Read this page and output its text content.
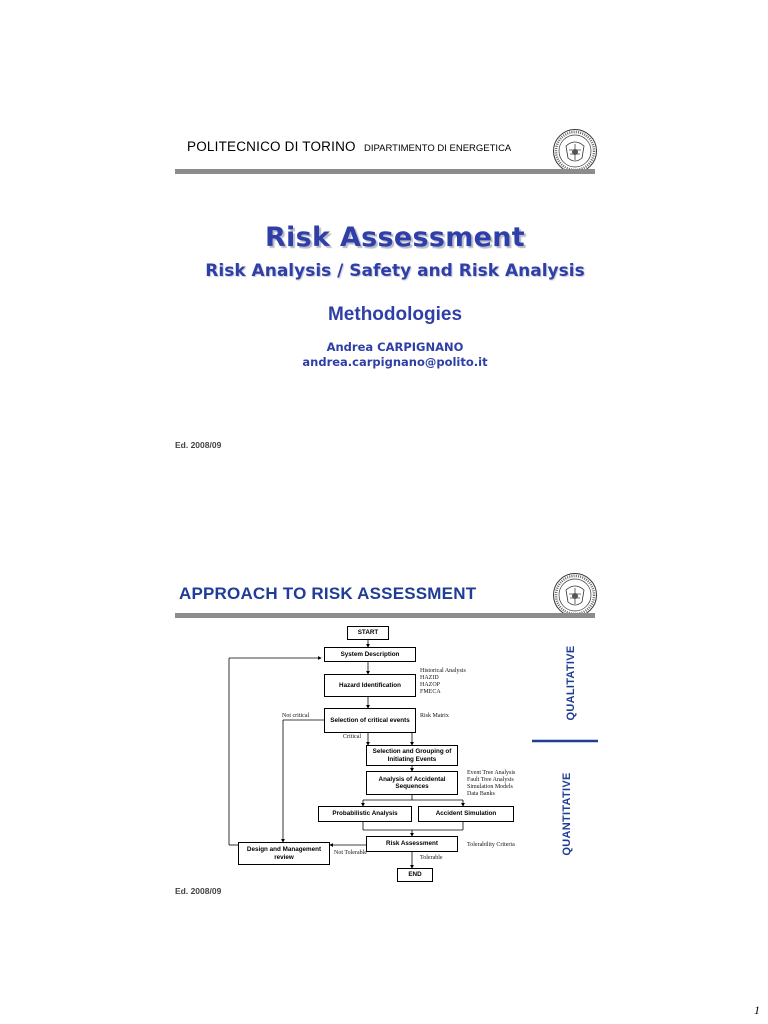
POLITECNICO DI TORINO DIPARTIMENTO DI ENERGETICA
Risk Assessment
Risk Analysis / Safety and Risk Analysis
Methodologies
Andrea CARPIGNANO
andrea.carpignano@polito.it
Ed. 2008/09
APPROACH TO RISK ASSESSMENT
START
System Description
Hazard Identification
Selection of critical events
Selection and Grouping of Initiating Events
Analysis of Accidental Sequences
Probabilistic Analysis	Accident Simulation
Risk Assessment
Design and Management review
END
Historical Analysis
HAZID
HAZOP
FMECA
Risk Matrix
Not critical
Critical
Event Tree Analysis
Fault Tree Analysis
Simulation Models
Data Banks
Tolerability Criteria
Not Tolerable
Tolerable
QUALITATIVE
QUANTITATIVE
Ed. 2008/09
1
